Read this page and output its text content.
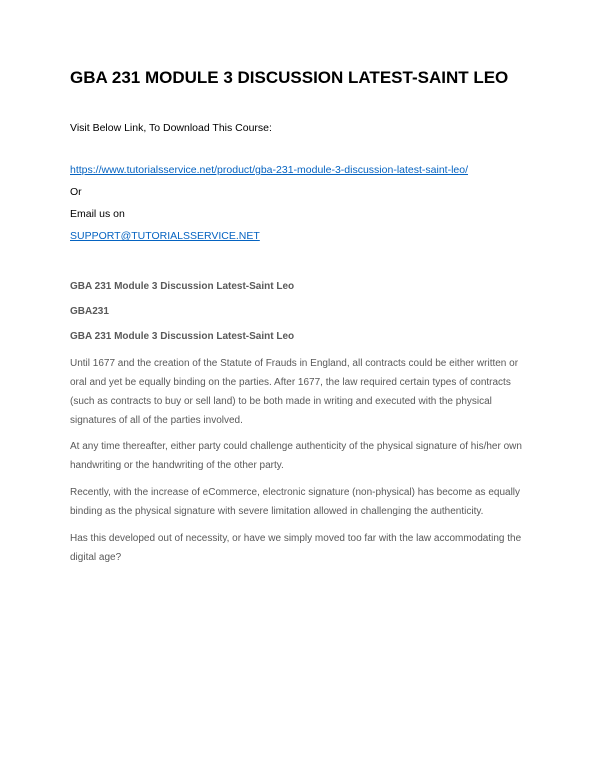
GBA 231 MODULE 3 DISCUSSION LATEST-SAINT LEO
Visit Below Link, To Download This Course:
https://www.tutorialsservice.net/product/gba-231-module-3-discussion-latest-saint-leo/
Or
Email us on
SUPPORT@TUTORIALSSERVICE.NET
GBA 231 Module 3 Discussion Latest-Saint Leo
GBA231
GBA 231 Module 3 Discussion Latest-Saint Leo

Until 1677 and the creation of the Statute of Frauds in England, all contracts could be either written or oral and yet be equally binding on the parties. After 1677, the law required certain types of contracts (such as contracts to buy or sell land) to be both made in writing and executed with the physical signatures of all of the parties involved.

At any time thereafter, either party could challenge authenticity of the physical signature of his/her own handwriting or the handwriting of the other party.

Recently, with the increase of eCommerce, electronic signature (non-physical) has become as equally binding as the physical signature with severe limitation allowed in challenging the authenticity.

Has this developed out of necessity, or have we simply moved too far with the law accommodating the digital age?
